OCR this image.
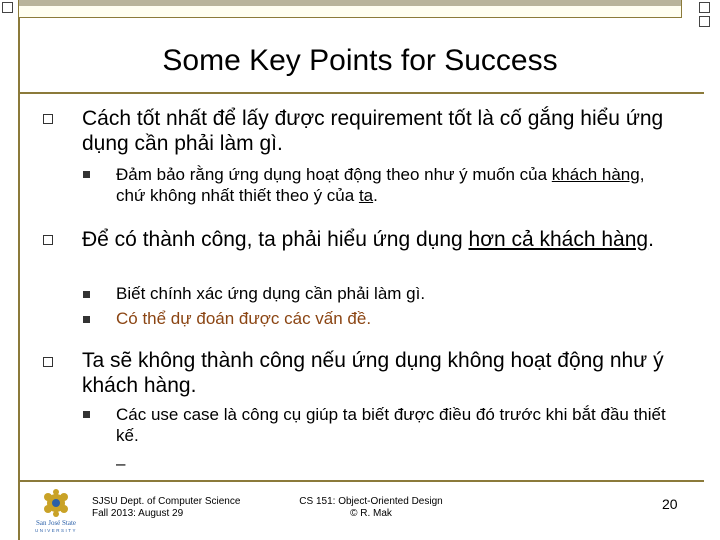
Some Key Points for Success
Cách tốt nhất để lấy được requirement tốt là cố gắng hiểu ứng dụng cần phải làm gì.
Đảm bảo rằng ứng dụng hoạt động theo như ý muốn của khách hàng, chứ không nhất thiết theo ý của ta.
Để có thành công, ta phải hiểu ứng dụng hơn cả khách hàng.
Biết chính xác ứng dụng cần phải làm gì.
Có thể dự đoán được các vấn đề.
Ta sẽ không thành công nếu ứng dụng không hoạt động như ý khách hàng.
Các use case là công cụ giúp ta biết được điều đó trước khi bắt đầu thiết kế.
–
San José State
UNIVERSITY
SJSU Dept. of Computer Science
Fall 2013: August 29
CS 151: Object-Oriented Design
© R. Mak
20
